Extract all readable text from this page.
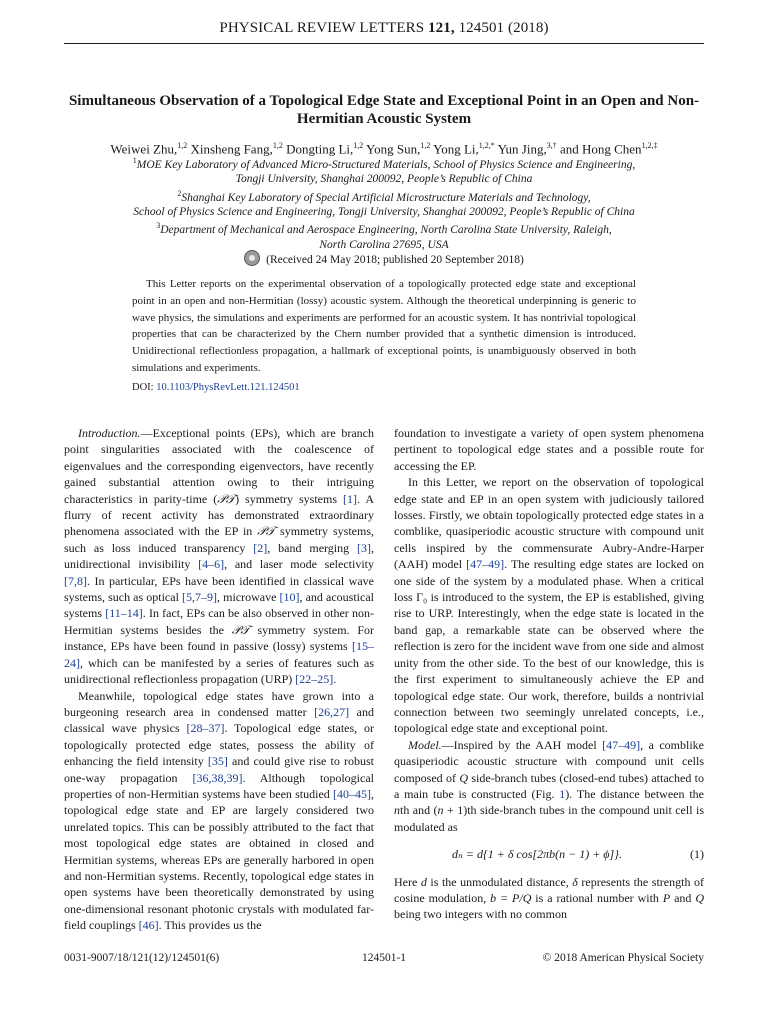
PHYSICAL REVIEW LETTERS 121, 124501 (2018)
Simultaneous Observation of a Topological Edge State and Exceptional Point in an Open and Non-Hermitian Acoustic System
Weiwei Zhu,$^{1,2}$ Xinsheng Fang,$^{1,2}$ Dongting Li,$^{1,2}$ Yong Sun,$^{1,2}$ Yong Li,$^{1,2,*}$ Yun Jing,$^{3,\dagger}$ and Hong Chen$^{1,2,\ddagger}$
$^1$MOE Key Laboratory of Advanced Micro-Structured Materials, School of Physics Science and Engineering,
Tongji University, Shanghai 200092, People’s Republic of China
$^2$Shanghai Key Laboratory of Special Artificial Microstructure Materials and Technology,
School of Physics Science and Engineering, Tongji University, Shanghai 200092, People’s Republic of China
$^3$Department of Mechanical and Aerospace Engineering, North Carolina State University, Raleigh,
North Carolina 27695, USA
(Received 24 May 2018; published 20 September 2018)
This Letter reports on the experimental observation of a topologically protected edge state and exceptional point in an open and non-Hermitian (lossy) acoustic system. Although the theoretical underpinning is generic to wave physics, the simulations and experiments are performed for an acoustic system. It has nontrivial topological properties that can be characterized by the Chern number provided that a synthetic dimension is introduced. Unidirectional reflectionless propagation, a hallmark of exceptional points, is unambiguously observed in both simulations and experiments.
DOI: 10.1103/PhysRevLett.121.124501

Introduction.—Exceptional points (EPs), which are branch point singularities associated with the coalescence of eigenvalues and the corresponding eigenvectors, have recently gained substantial attention owing to their intriguing characteristics in parity-time (𝒫𝒯) symmetry systems [1]. A flurry of recent activity has demonstrated extraordinary phenomena associated with the EP in 𝒫𝒯 symmetry systems, such as loss induced transparency [2], band merging [3], unidirectional invisibility [4–6], and laser mode selectivity [7,8]. In particular, EPs have been identified in classical wave systems, such as optical [5,7–9], microwave [10], and acoustical systems [11–14]. In fact, EPs can be also observed in other non-Hermitian systems besides the 𝒫𝒯 symmetry system. For instance, EPs have been found in passive (lossy) systems [15–24], which can be manifested by a series of features such as unidirectional reflectionless propagation (URP) [22–25].

Meanwhile, topological edge states have grown into a burgeoning research area in condensed matter [26,27] and classical wave physics [28–37]. Topological edge states, or topologically protected edge states, possess the ability of enhancing the field intensity [35] and could give rise to robust one-way propagation [36,38,39]. Although topological properties of non-Hermitian systems have been studied [40–45], topological edge state and EP are largely considered two unrelated topics. This can be possibly attributed to the fact that most topological edge states are obtained in closed and Hermitian systems, whereas EPs are generally harbored in open and non-Hermitian systems. Recently, topological edge states in open systems have been theoretically demonstrated by using one-dimensional resonant photonic crystals with modulated far-field couplings [46]. This provides us the

foundation to investigate a variety of open system phenomena pertinent to topological edge states and a possible route for accessing the EP.

In this Letter, we report on the observation of topological edge state and EP in an open system with judiciously tailored losses. Firstly, we obtain topologically protected edge states in a comblike, quasiperiodic acoustic structure with compound unit cells inspired by the commensurate Aubry-Andre-Harper (AAH) model [47–49]. The resulting edge states are locked on one side of the system by a modulated phase. When a critical loss Γ₀ is introduced to the system, the EP is established, giving rise to URP. Interestingly, when the edge state is located in the band gap, a remarkable state can be observed where the reflection is zero for the incident wave from one side and almost unity from the other side. To the best of our knowledge, this is the first experiment to simultaneously achieve the EP and topological edge state. Our work, therefore, builds a nontrivial connection between two seemingly unrelated concepts, i.e., topological edge state and exceptional point.

Model.—Inspired by the AAH model [47–49], a comblike quasiperiodic acoustic structure with compound unit cells composed of Q side-branch tubes (closed-end tubes) attached to a main tube is constructed (Fig. 1). The distance between the nth and (n + 1)th side-branch tubes in the compound unit cell is modulated as

dₙ = d{1 + δ cos[2πb(n − 1) + ϕ]}.	(1)

Here d is the unmodulated distance, δ represents the strength of cosine modulation, b = P/Q is a rational number with P and Q being two integers with no common

124501-1
0031-9007/18/121(12)/124501(6)	© 2018 American Physical Society
